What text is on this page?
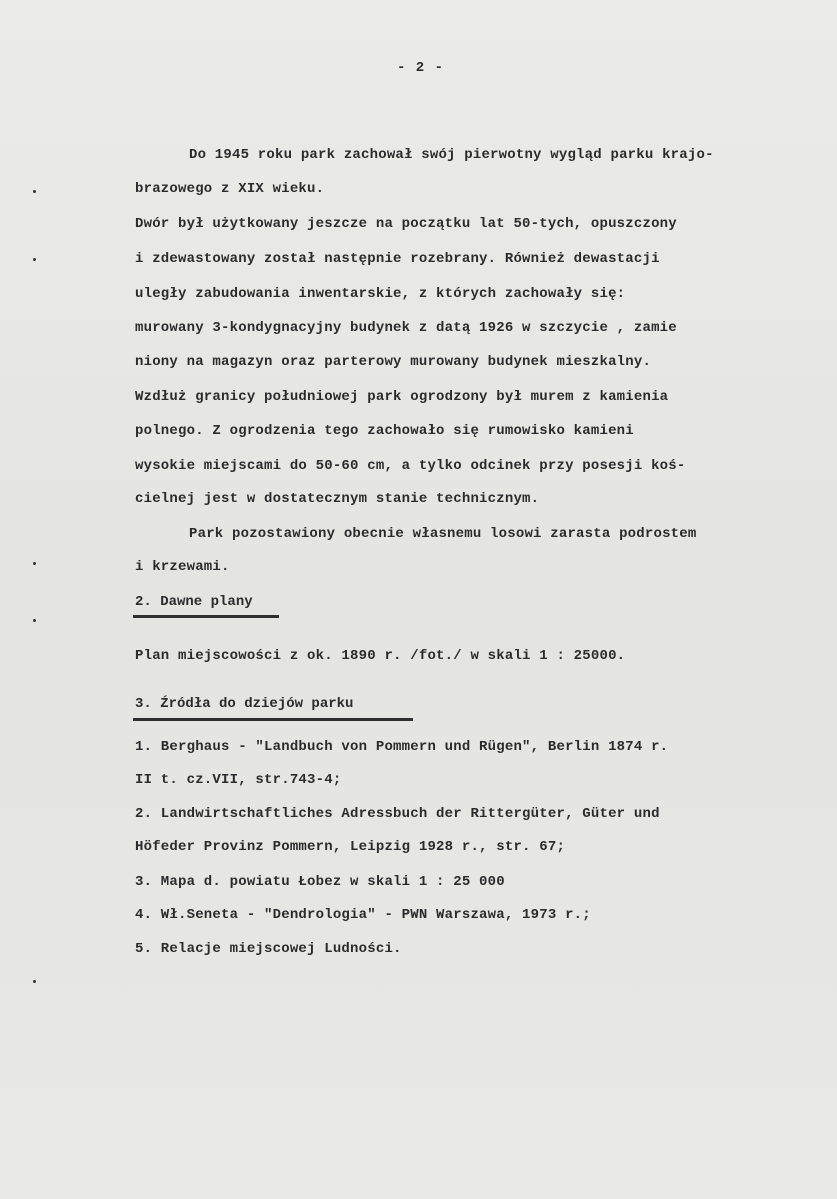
- 2 -
Do 1945 roku park zachował swój pierwotny wygląd parku krajo-
brazowego z XIX wieku.
Dwór był użytkowany jeszcze na początku lat 50-tych, opuszczony
i zdewastowany został następnie rozebrany. Również dewastacji
uległy zabudowania inwentarskie, z których zachowały się:
murowany 3-kondygnacyjny budynek z datą 1926 w szczycie , zamie
niony na magazyn oraz parterowy murowany budynek mieszkalny.
Wzdłuż granicy południowej park ogrodzony był murem z kamienia
polnego. Z ogrodzenia tego zachowało się rumowisko kamieni
wysokie miejscami do 50-60 cm, a tylko odcinek przy posesji koś-
cielnej jest w dostatecznym stanie technicznym.
Park pozostawiony obecnie własnemu losowi zarasta podrostem
i krzewami.
2. Dawne plany
Plan miejscowości z ok. 1890 r. /fot./ w skali 1 : 25000.
3. Źródła do dziejów parku
1. Berghaus - "Landbuch von Pommern und Rügen", Berlin 1874 r.
II t. cz.VII, str.743-4;
2. Landwirtschaftliches Adressbuch der Rittergüter, Güter und
Höfeder Provinz Pommern, Leipzig 1928 r., str. 67;
3. Mapa d. powiatu Łobez w skali 1 : 25 000
4. Wł.Seneta - "Dendrologia" - PWN Warszawa, 1973 r.;
5. Relacje miejscowej Ludności.
